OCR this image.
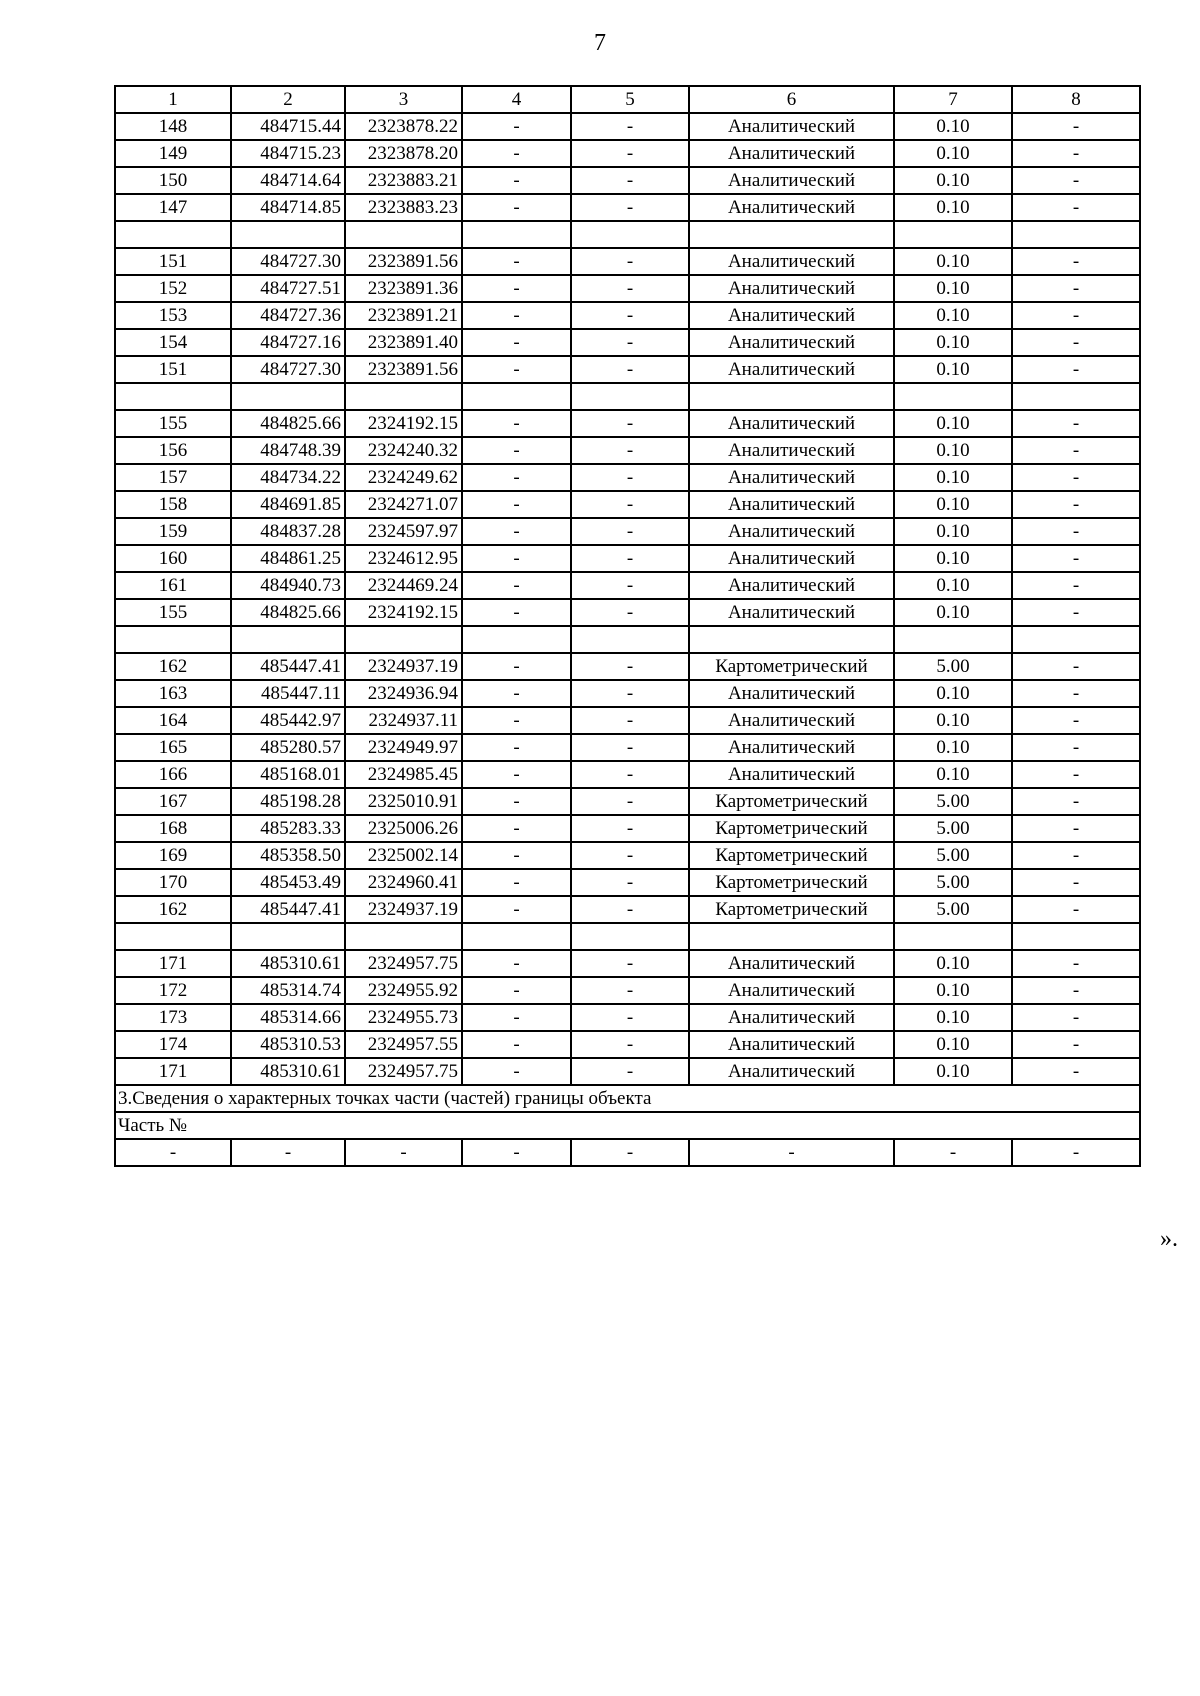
7
1	2	3	4	5	6	7	8
148	484715.44	2323878.22	-	-	Аналитический	0.10	-
149	484715.23	2323878.20	-	-	Аналитический	0.10	-
150	484714.64	2323883.21	-	-	Аналитический	0.10	-
147	484714.85	2323883.23	-	-	Аналитический	0.10	-

151	484727.30	2323891.56	-	-	Аналитический	0.10	-
152	484727.51	2323891.36	-	-	Аналитический	0.10	-
153	484727.36	2323891.21	-	-	Аналитический	0.10	-
154	484727.16	2323891.40	-	-	Аналитический	0.10	-
151	484727.30	2323891.56	-	-	Аналитический	0.10	-

155	484825.66	2324192.15	-	-	Аналитический	0.10	-
156	484748.39	2324240.32	-	-	Аналитический	0.10	-
157	484734.22	2324249.62	-	-	Аналитический	0.10	-
158	484691.85	2324271.07	-	-	Аналитический	0.10	-
159	484837.28	2324597.97	-	-	Аналитический	0.10	-
160	484861.25	2324612.95	-	-	Аналитический	0.10	-
161	484940.73	2324469.24	-	-	Аналитический	0.10	-
155	484825.66	2324192.15	-	-	Аналитический	0.10	-

162	485447.41	2324937.19	-	-	Картометрический	5.00	-
163	485447.11	2324936.94	-	-	Аналитический	0.10	-
164	485442.97	2324937.11	-	-	Аналитический	0.10	-
165	485280.57	2324949.97	-	-	Аналитический	0.10	-
166	485168.01	2324985.45	-	-	Аналитический	0.10	-
167	485198.28	2325010.91	-	-	Картометрический	5.00	-
168	485283.33	2325006.26	-	-	Картометрический	5.00	-
169	485358.50	2325002.14	-	-	Картометрический	5.00	-
170	485453.49	2324960.41	-	-	Картометрический	5.00	-
162	485447.41	2324937.19	-	-	Картометрический	5.00	-

171	485310.61	2324957.75	-	-	Аналитический	0.10	-
172	485314.74	2324955.92	-	-	Аналитический	0.10	-
173	485314.66	2324955.73	-	-	Аналитический	0.10	-
174	485310.53	2324957.55	-	-	Аналитический	0.10	-
171	485310.61	2324957.75	-	-	Аналитический	0.10	-
3.Сведения о характерных точках части (частей) границы объекта							
Часть №							
-	-	-	-	-	-	-	-
».
